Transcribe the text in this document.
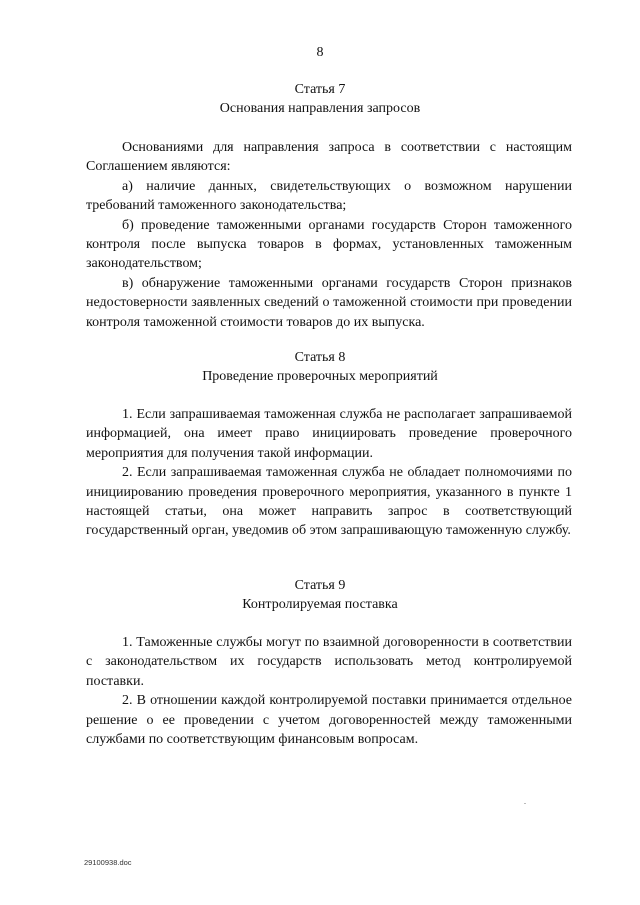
8
Статья 7
Основания направления запросов

Основаниями для направления запроса в соответствии с настоящим Соглашением являются:

а) наличие данных, свидетельствующих о возможном нарушении требований таможенного законодательства;

б) проведение таможенными органами государств Сторон таможенного контроля после выпуска товаров в формах, установленных таможенным законодательством;

в) обнаружение таможенными органами государств Сторон признаков недостоверности заявленных сведений о таможенной стоимости при проведении контроля таможенной стоимости товаров до их выпуска.

Статья 8
Проведение проверочных мероприятий

1. Если запрашиваемая таможенная служба не располагает запрашиваемой информацией, она имеет право инициировать проведение проверочного мероприятия для получения такой информации.

2. Если запрашиваемая таможенная служба не обладает полномочиями по инициированию проведения проверочного мероприятия, указанного в пункте 1 настоящей статьи, она может направить запрос в соответствующий государственный орган, уведомив об этом запрашивающую таможенную службу.

Статья 9
Контролируемая поставка

1. Таможенные службы могут по взаимной договоренности в соответствии с законодательством их государств использовать метод контролируемой поставки.

2. В отношении каждой контролируемой поставки принимается отдельное решение о ее проведении с учетом договоренностей между таможенными службами по соответствующим финансовым вопросам.

29100938.doc
